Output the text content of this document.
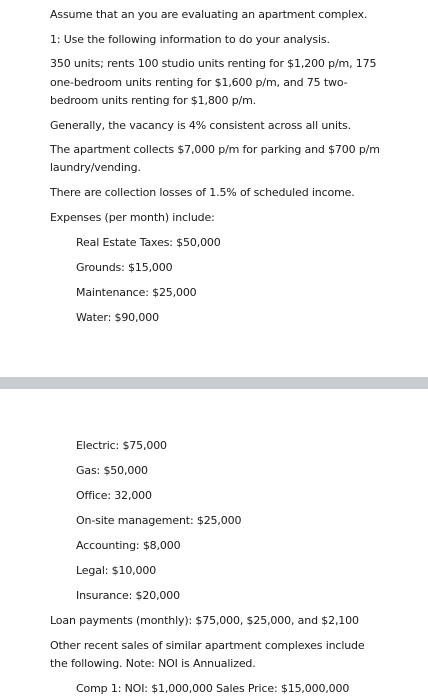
Assume that an you are evaluating an apartment complex.
1: Use the following information to do your analysis.
350 units; rents 100 studio units renting for $1,200 p/m, 175
one-bedroom units renting for $1,600 p/m, and 75 two-
bedroom units renting for $1,800 p/m.
Generally, the vacancy is 4% consistent across all units.
The apartment collects $7,000 p/m for parking and $700 p/m
laundry/vending.
There are collection losses of 1.5% of scheduled income.
Expenses (per month) include:
Real Estate Taxes: $50,000
Grounds: $15,000
Maintenance: $25,000
Water: $90,000
Electric: $75,000
Gas: $50,000
Office: 32,000
On-site management: $25,000
Accounting: $8,000
Legal: $10,000
Insurance: $20,000
Loan payments (monthly): $75,000, $25,000, and $2,100
Other recent sales of similar apartment complexes include
the following. Note: NOI is Annualized.
Comp 1: NOI: $1,000,000 Sales Price: $15,000,000
